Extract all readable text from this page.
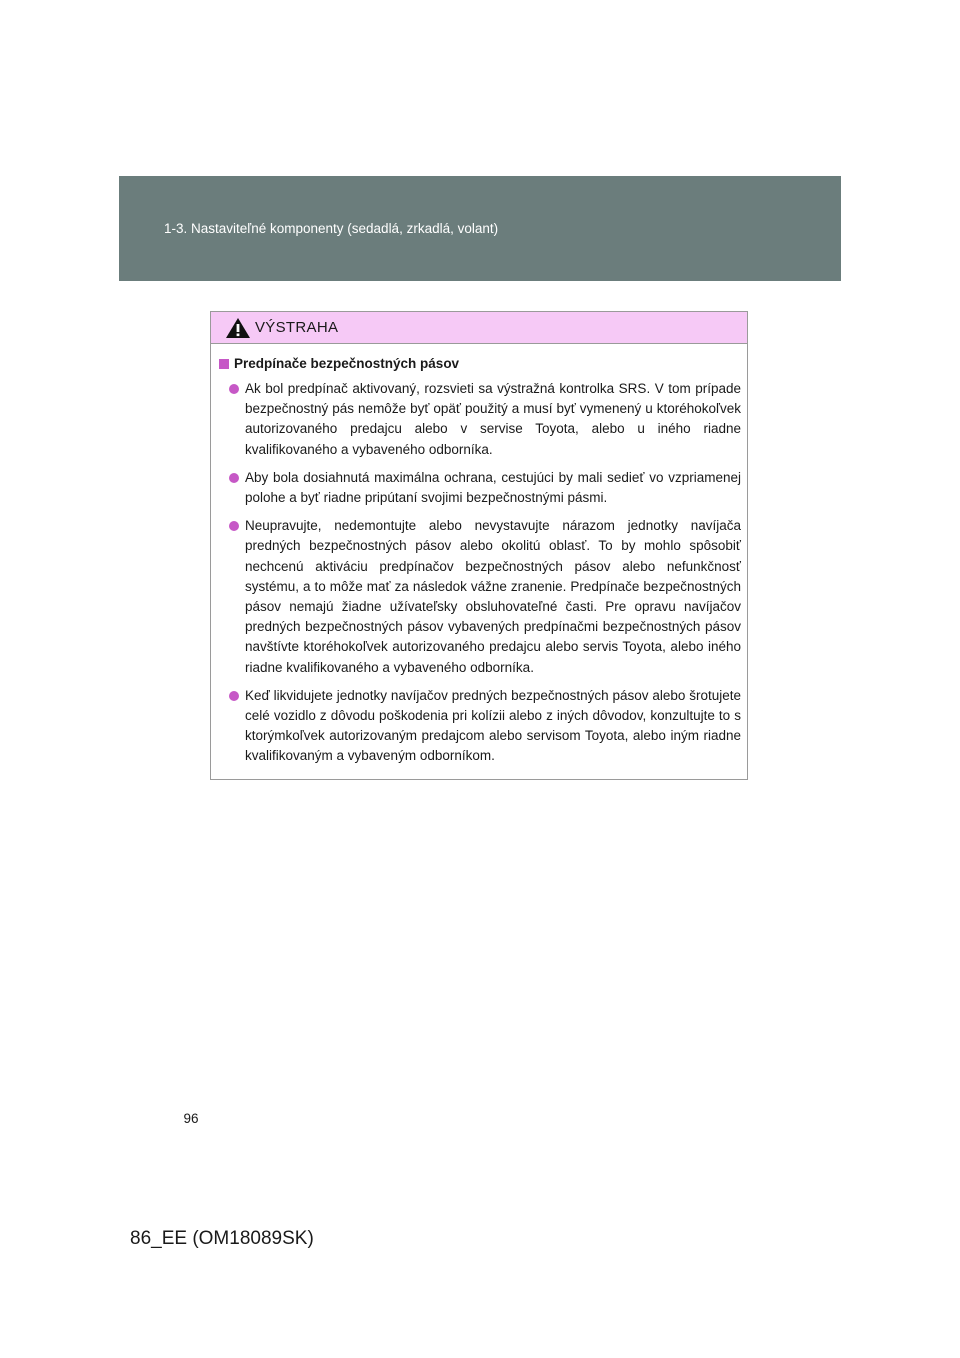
1-3. Nastaviteľné komponenty (sedadlá, zrkadlá, volant)
VÝSTRAHA
Predpínače bezpečnostných pásov
Ak bol predpínač aktivovaný, rozsvieti sa výstražná kontrolka SRS. V tom prípade bezpečnostný pás nemôže byť opäť použitý a musí byť vymenený u ktoréhokoľvek autorizovaného predajcu alebo v servise Toyota, alebo u iného riadne kvalifikovaného a vybaveného odborníka.
Aby bola dosiahnutá maximálna ochrana, cestujúci by mali sedieť vo vzpriamenej polohe a byť riadne pripútaní svojimi bezpečnostnými pásmi.
Neupravujte, nedemontujte alebo nevystavujte nárazom jednotky navíjača predných bezpečnostných pásov alebo okolitú oblasť. To by mohlo spôsobiť nechcenú aktiváciu predpínačov bezpečnostných pásov alebo nefunkčnosť systému, a to môže mať za následok vážne zranenie. Predpínače bezpečnostných pásov nemajú žiadne užívateľsky obsluhovateľné časti. Pre opravu navíjačov predných bezpečnostných pásov vybavených predpínačmi bezpečnostných pásov navštívte ktoréhokoľvek autorizovaného predajcu alebo servis Toyota, alebo iného riadne kvalifikovaného a vybaveného odborníka.
Keď likvidujete jednotky navíjačov predných bezpečnostných pásov alebo šrotujete celé vozidlo z dôvodu poškodenia pri kolízii alebo z iných dôvodov, konzultujte to s ktorýmkoľvek autorizovaným predajcom alebo servisom Toyota, alebo iným riadne kvalifikovaným a vybaveným odborníkom.
96
86_EE (OM18089SK)
